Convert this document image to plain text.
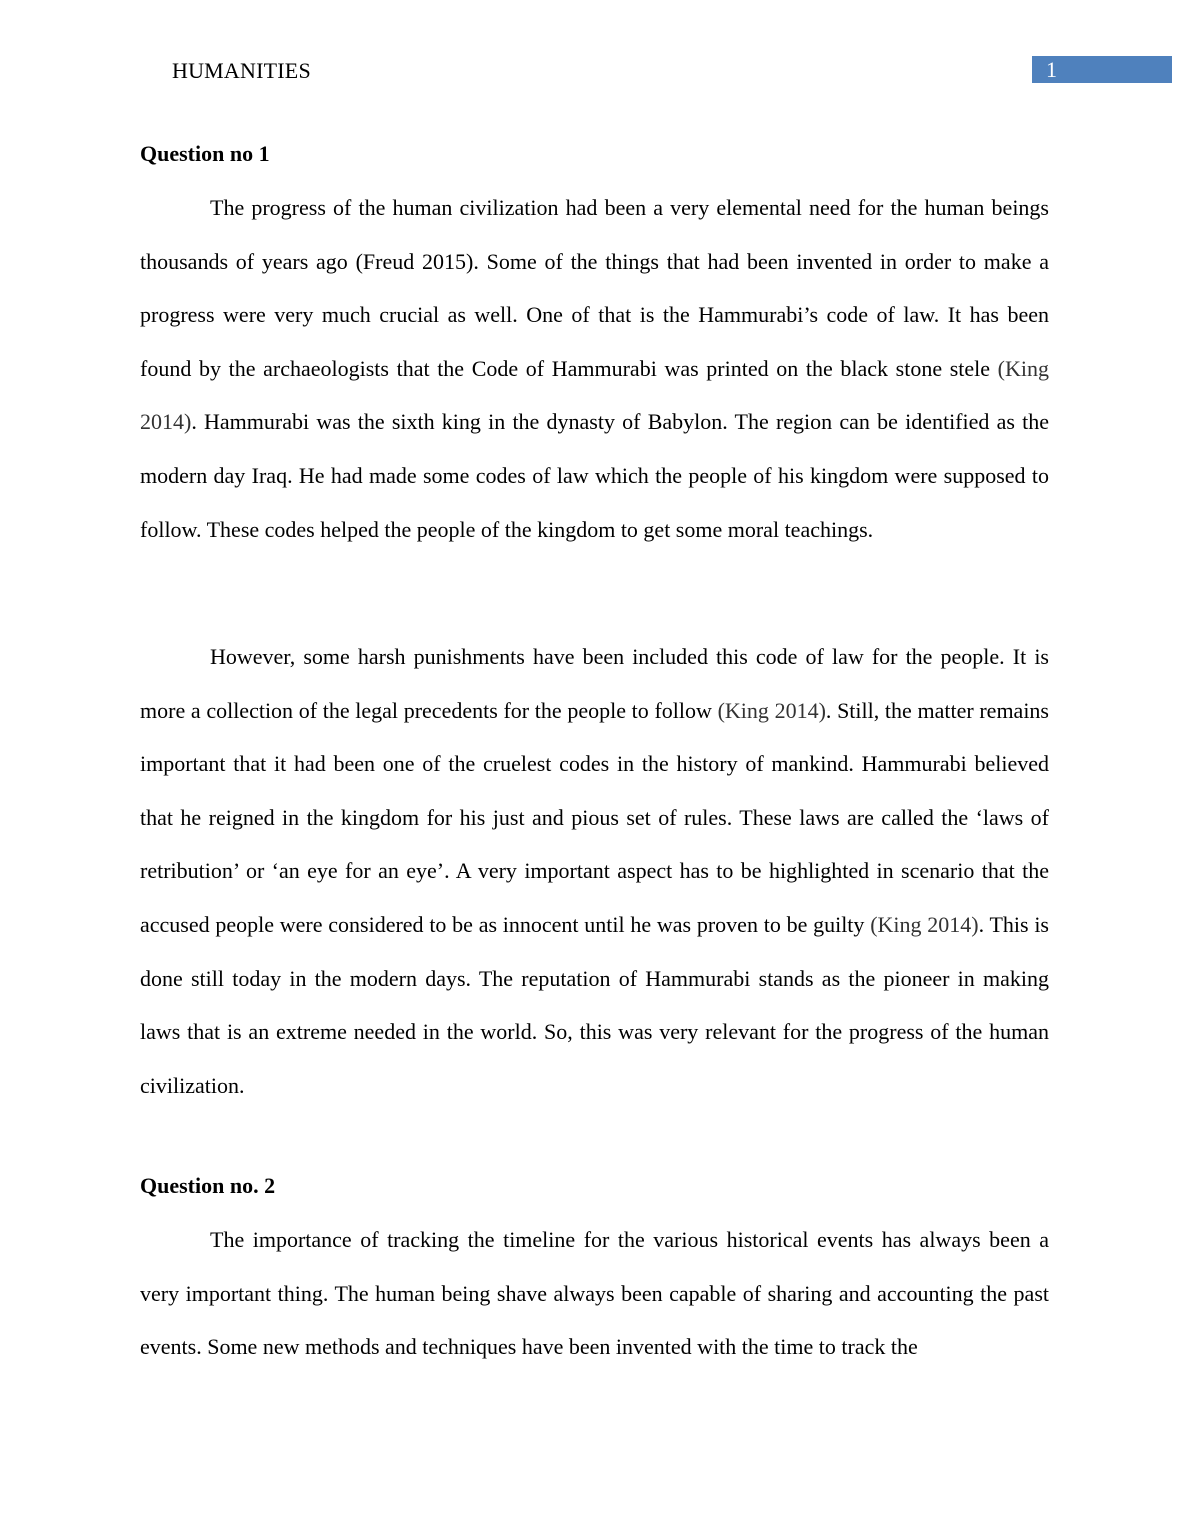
HUMANITIES	1
Question no 1

The progress of the human civilization had been a very elemental need for the human beings thousands of years ago (Freud 2015). Some of the things that had been invented in order to make a progress were very much crucial as well. One of that is the Hammurabi’s code of law. It has been found by the archaeologists that the Code of Hammurabi was printed on the black stone stele (King 2014). Hammurabi was the sixth king in the dynasty of Babylon. The region can be identified as the modern day Iraq. He had made some codes of law which the people of his kingdom were supposed to follow. These codes helped the people of the kingdom to get some moral teachings.

However, some harsh punishments have been included this code of law for the people. It is more a collection of the legal precedents for the people to follow (King 2014). Still, the matter remains important that it had been one of the cruelest codes in the history of mankind. Hammurabi believed that he reigned in the kingdom for his just and pious set of rules. These laws are called the ‘laws of retribution’ or ‘an eye for an eye’. A very important aspect has to be highlighted in scenario that the accused people were considered to be as innocent until he was proven to be guilty (King 2014). This is done still today in the modern days. The reputation of Hammurabi stands as the pioneer in making laws that is an extreme needed in the world. So, this was very relevant for the progress of the human civilization.

Question no. 2

The importance of tracking the timeline for the various historical events has always been a very important thing. The human being shave always been capable of sharing and accounting the past events. Some new methods and techniques have been invented with the time to track the
